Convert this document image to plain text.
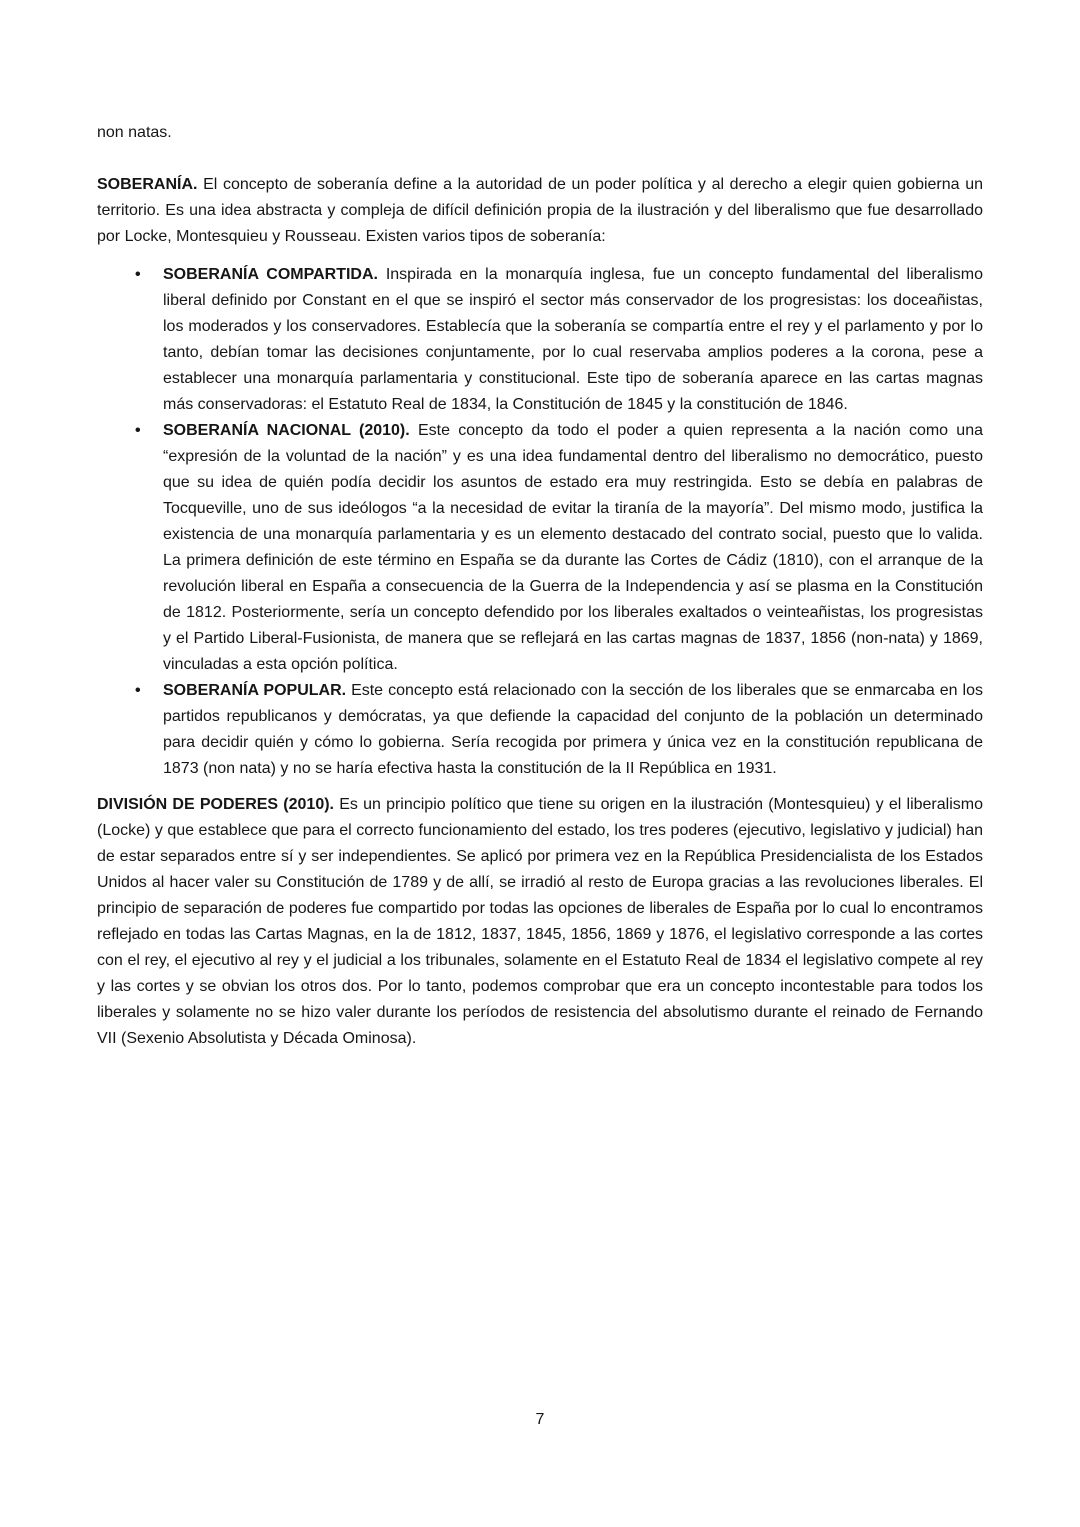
non natas.

SOBERANÍA. El concepto de soberanía define a la autoridad de un poder política y al derecho a elegir quien gobierna un territorio. Es una idea abstracta y compleja de difícil definición propia de la ilustración y del liberalismo que fue desarrollado por Locke, Montesquieu y Rousseau. Existen varios tipos de soberanía:

• SOBERANÍA COMPARTIDA. Inspirada en la monarquía inglesa, fue un concepto fundamental del liberalismo liberal definido por Constant en el que se inspiró el sector más conservador de los progresistas: los doceañistas, los moderados y los conservadores. Establecía que la soberanía se compartía entre el rey y el parlamento y por lo tanto, debían tomar las decisiones conjuntamente, por lo cual reservaba amplios poderes a la corona, pese a establecer una monarquía parlamentaria y constitucional. Este tipo de soberanía aparece en las cartas magnas más conservadoras: el Estatuto Real de 1834, la Constitución de 1845 y la constitución de 1846.
• SOBERANÍA NACIONAL (2010). Este concepto da todo el poder a quien representa a la nación como una “expresión de la voluntad de la nación” y es una idea fundamental dentro del liberalismo no democrático, puesto que su idea de quién podía decidir los asuntos de estado era muy restringida. Esto se debía en palabras de Tocqueville, uno de sus ideólogos “a la necesidad de evitar la tiranía de la mayoría”. Del mismo modo, justifica la existencia de una monarquía parlamentaria y es un elemento destacado del contrato social, puesto que lo valida. La primera definición de este término en España se da durante las Cortes de Cádiz (1810), con el arranque de la revolución liberal en España a consecuencia de la Guerra de la Independencia y así se plasma en la Constitución de 1812. Posteriormente, sería un concepto defendido por los liberales exaltados o veinteañistas, los progresistas y el Partido Liberal-Fusionista, de manera que se reflejará en las cartas magnas de 1837, 1856 (non-nata) y 1869, vinculadas a esta opción política.
• SOBERANÍA POPULAR. Este concepto está relacionado con la sección de los liberales que se enmarcaba en los partidos republicanos y demócratas, ya que defiende la capacidad del conjunto de la población un determinado para decidir quién y cómo lo gobierna. Sería recogida por primera y única vez en la constitución republicana de 1873 (non nata) y no se haría efectiva hasta la constitución de la II República en 1931.

DIVISIÓN DE PODERES (2010). Es un principio político que tiene su origen en la ilustración (Montesquieu) y el liberalismo (Locke) y que establece que para el correcto funcionamiento del estado, los tres poderes (ejecutivo, legislativo y judicial) han de estar separados entre sí y ser independientes. Se aplicó por primera vez en la República Presidencialista de los Estados Unidos al hacer valer su Constitución de 1789 y de allí, se irradió al resto de Europa gracias a las revoluciones liberales. El principio de separación de poderes fue compartido por todas las opciones de liberales de España por lo cual lo encontramos reflejado en todas las Cartas Magnas, en la de 1812, 1837, 1845, 1856, 1869 y 1876, el legislativo corresponde a las cortes con el rey, el ejecutivo al rey y el judicial a los tribunales, solamente en el Estatuto Real de 1834 el legislativo compete al rey y las cortes y se obvian los otros dos. Por lo tanto, podemos comprobar que era un concepto incontestable para todos los liberales y solamente no se hizo valer durante los períodos de resistencia del absolutismo durante el reinado de Fernando VII (Sexenio Absolutista y Década Ominosa).

7
